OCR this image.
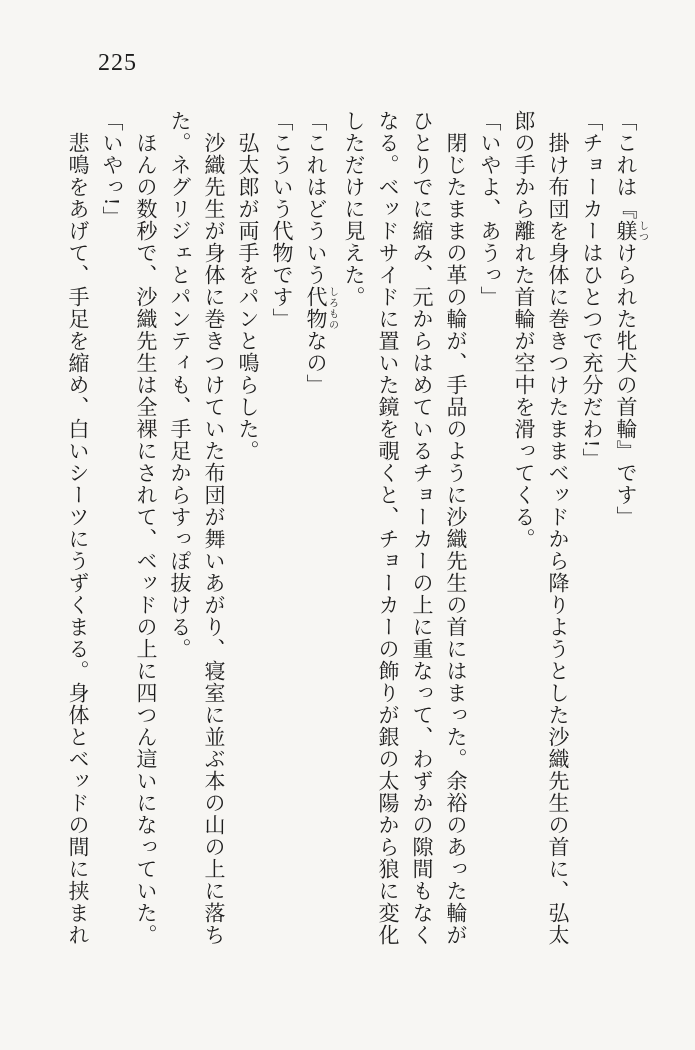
225
「これは『躾しつけられた牝犬の首輪』です」
「チョーカーはひとつで充分だわ!」
掛け布団を身体に巻きつけたままベッドから降りようとした沙織先生の首に、弘太
郎の手から離れた首輪が空中を滑ってくる。
「いやよ、あうっ」
閉じたままの革の輪が、手品のように沙織先生の首にはまった。余裕のあった輪が
ひとりでに縮み、元からはめているチョーカーの上に重なって、わずかの隙間もなく
なる。ベッドサイドに置いた鏡を覗くと、チョーカーの飾りが銀の太陽から狼に変化
しただけに見えた。
「これはどういう代物しろものなの」
「こういう代物です」
弘太郎が両手をパンと鳴らした。
沙織先生が身体に巻きつけていた布団が舞いあがり、寝室に並ぶ本の山の上に落ち
た。ネグリジェとパンティも、手足からすっぽ抜ける。
ほんの数秒で、沙織先生は全裸にされて、ベッドの上に四つん這いになっていた。
「いやっ!」
悲鳴をあげて、手足を縮め、白いシーツにうずくまる。身体とベッドの間に挟まれ
